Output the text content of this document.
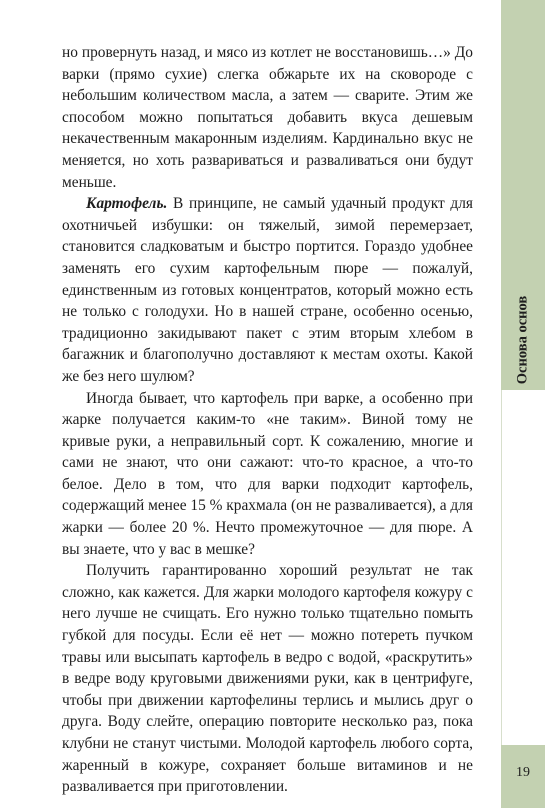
но провернуть назад, и мясо из котлет не восстановишь…» До варки (прямо сухие) слегка обжарьте их на сковороде с небольшим количеством масла, а затем — сварите. Этим же способом можно попытаться добавить вкуса дешевым некачественным макаронным изделиям. Кардинально вкус не меняется, но хоть развариваться и разваливаться они будут меньше.

Картофель. В принципе, не самый удачный продукт для охотничьей избушки: он тяжелый, зимой перемерзает, становится сладковатым и быстро портится. Гораздо удобнее заменять его сухим картофельным пюре — пожалуй, единственным из готовых концентратов, который можно есть не только с голодухи. Но в нашей стране, особенно осенью, традиционно закидывают пакет с этим вторым хлебом в багажник и благополучно доставляют к местам охоты. Какой же без него шулюм?

Иногда бывает, что картофель при варке, а особенно при жарке получается каким-то «не таким». Виной тому не кривые руки, а неправильный сорт. К сожалению, многие и сами не знают, что они сажают: что-то красное, а что-то белое. Дело в том, что для варки подходит картофель, содержащий менее 15 % крахмала (он не разваливается), а для жарки — более 20 %. Нечто промежуточное — для пюре. А вы знаете, что у вас в мешке?

Получить гарантированно хороший результат не так сложно, как кажется. Для жарки молодого картофеля кожуру с него лучше не счищать. Его нужно только тщательно помыть губкой для посуды. Если её нет — можно потереть пучком травы или высыпать картофель в ведро с водой, «раскрутить» в ведре воду круговыми движениями руки, как в центрифуге, чтобы при движении картофелины терлись и мылись друг о друга. Воду слейте, операцию повторите несколько раз, пока клубни не станут чистыми. Молодой картофель любого сорта, жаренный в кожуре, сохраняет больше витаминов и не разваливается при приготовлении.

Основа основ
19
